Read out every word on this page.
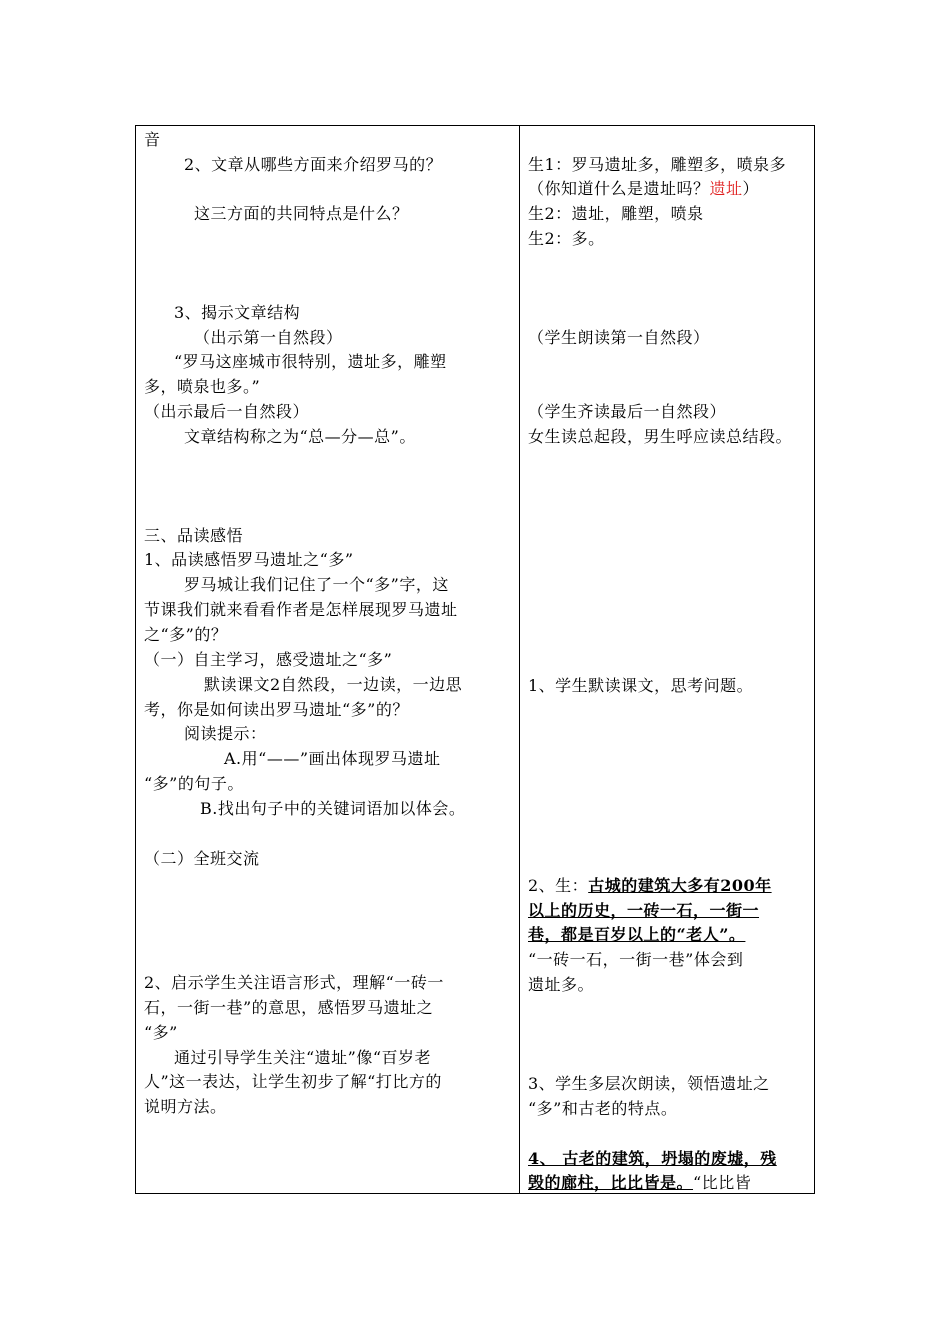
音
2、文章从哪些方面来介绍罗马的？
这三方面的共同特点是什么？
3、揭示文章结构
（出示第一自然段）
“罗马这座城市很特别，遗址多，雕塑
多，喷泉也多。”
（出示最后一自然段）
文章结构称之为“总—分—总”。
三、品读感悟
1、品读感悟罗马遗址之“多”
罗马城让我们记住了一个“多”字，这
节课我们就来看看作者是怎样展现罗马遗址
之“多”的？
（一）自主学习，感受遗址之“多”
默读课文2自然段，一边读，一边思
考，你是如何读出罗马遗址“多”的？
阅读提示：
A.用“——”画出体现罗马遗址
“多”的句子。
B.找出句子中的关键词语加以体会。
（二）全班交流
2、启示学生关注语言形式，理解“一砖一
石，一街一巷”的意思，感悟罗马遗址之
“多”
通过引导学生关注“遗址”像“百岁老
人”这一表达，让学生初步了解“打比方的
说明方法。
生1：罗马遗址多，雕塑多，喷泉多
（你知道什么是遗址吗？遗址）
生2：遗址，雕塑，喷泉
生2：多。
（学生朗读第一自然段）
（学生齐读最后一自然段）
女生读总起段，男生呼应读总结段。
1、学生默读课文，思考问题。
2、生：古城的建筑大多有200年
以上的历史，一砖一石，一街一
巷，都是百岁以上的“老人”。
“一砖一石，一街一巷”体会到
遗址多。
3、学生多层次朗读，领悟遗址之
“多”和古老的特点。
4、 古老的建筑，坍塌的废墟，残
毁的廊柱，比比皆是。“比比皆
